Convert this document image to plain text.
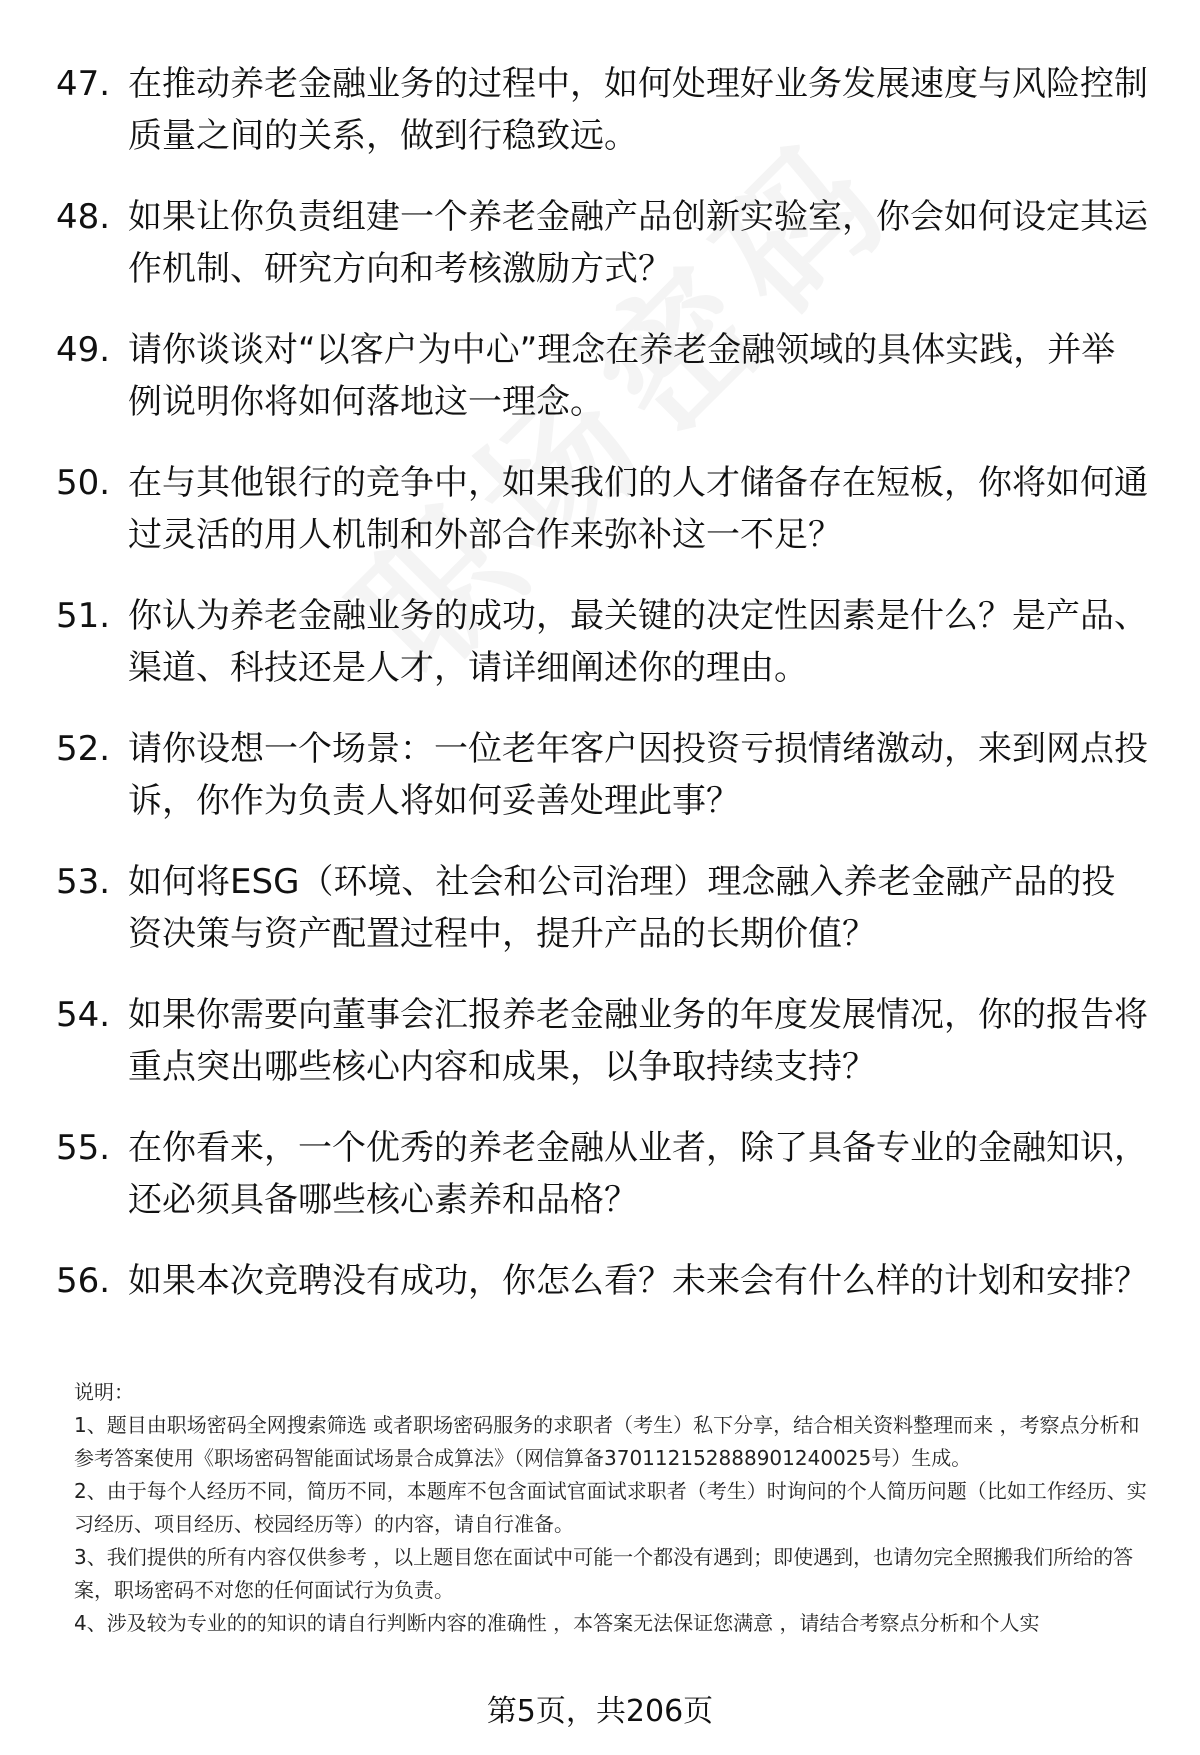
47. 在推动养老金融业务的过程中，如何处理好业务发展速度与风险控制质量之间的关系，做到行稳致远。
48. 如果让你负责组建一个养老金融产品创新实验室，你会如何设定其运作机制、研究方向和考核激励方式？
49. 请你谈谈对“以客户为中心”理念在养老金融领域的具体实践，并举例说明你将如何落地这一理念。
50. 在与其他银行的竞争中，如果我们的人才储备存在短板，你将如何通过灵活的用人机制和外部合作来弥补这一不足？
51. 你认为养老金融业务的成功，最关键的决定性因素是什么？是产品、渠道、科技还是人才，请详细阐述你的理由。
52. 请你设想一个场景：一位老年客户因投资亏损情绪激动，来到网点投诉，你作为负责人将如何妥善处理此事？
53. 如何将ESG（环境、社会和公司治理）理念融入养老金融产品的投资决策与资产配置过程中，提升产品的长期价值？
54. 如果你需要向董事会汇报养老金融业务的年度发展情况，你的报告将重点突出哪些核心内容和成果，以争取持续支持？
55. 在你看来，一个优秀的养老金融从业者，除了具备专业的金融知识，还必须具备哪些核心素养和品格？
56. 如果本次竞聘没有成功，你怎么看？未来会有什么样的计划和安排？

说明：

1、题目由职场密码全网搜索筛选 或者职场密码服务的求职者（考生）私下分享，结合相关资料整理而来 ，考察点分析和参考答案使用《职场密码智能面试场景合成算法》（网信算备370112152888901240025号）生成。

2、由于每个人经历不同，简历不同，本题库不包含面试官面试求职者（考生）时询问的个人简历问题（比如工作经历、实习经历、项目经历、校园经历等）的内容，请自行准备。

3、我们提供的所有内容仅供参考 ，以上题目您在面试中可能一个都没有遇到；即使遇到，也请勿完全照搬我们所给的答案，职场密码不对您的任何面试行为负责。

4、涉及较为专业的的知识的请自行判断内容的准确性 ，本答案无法保证您满意 ，请结合考察点分析和个人实

第5页，共206页
